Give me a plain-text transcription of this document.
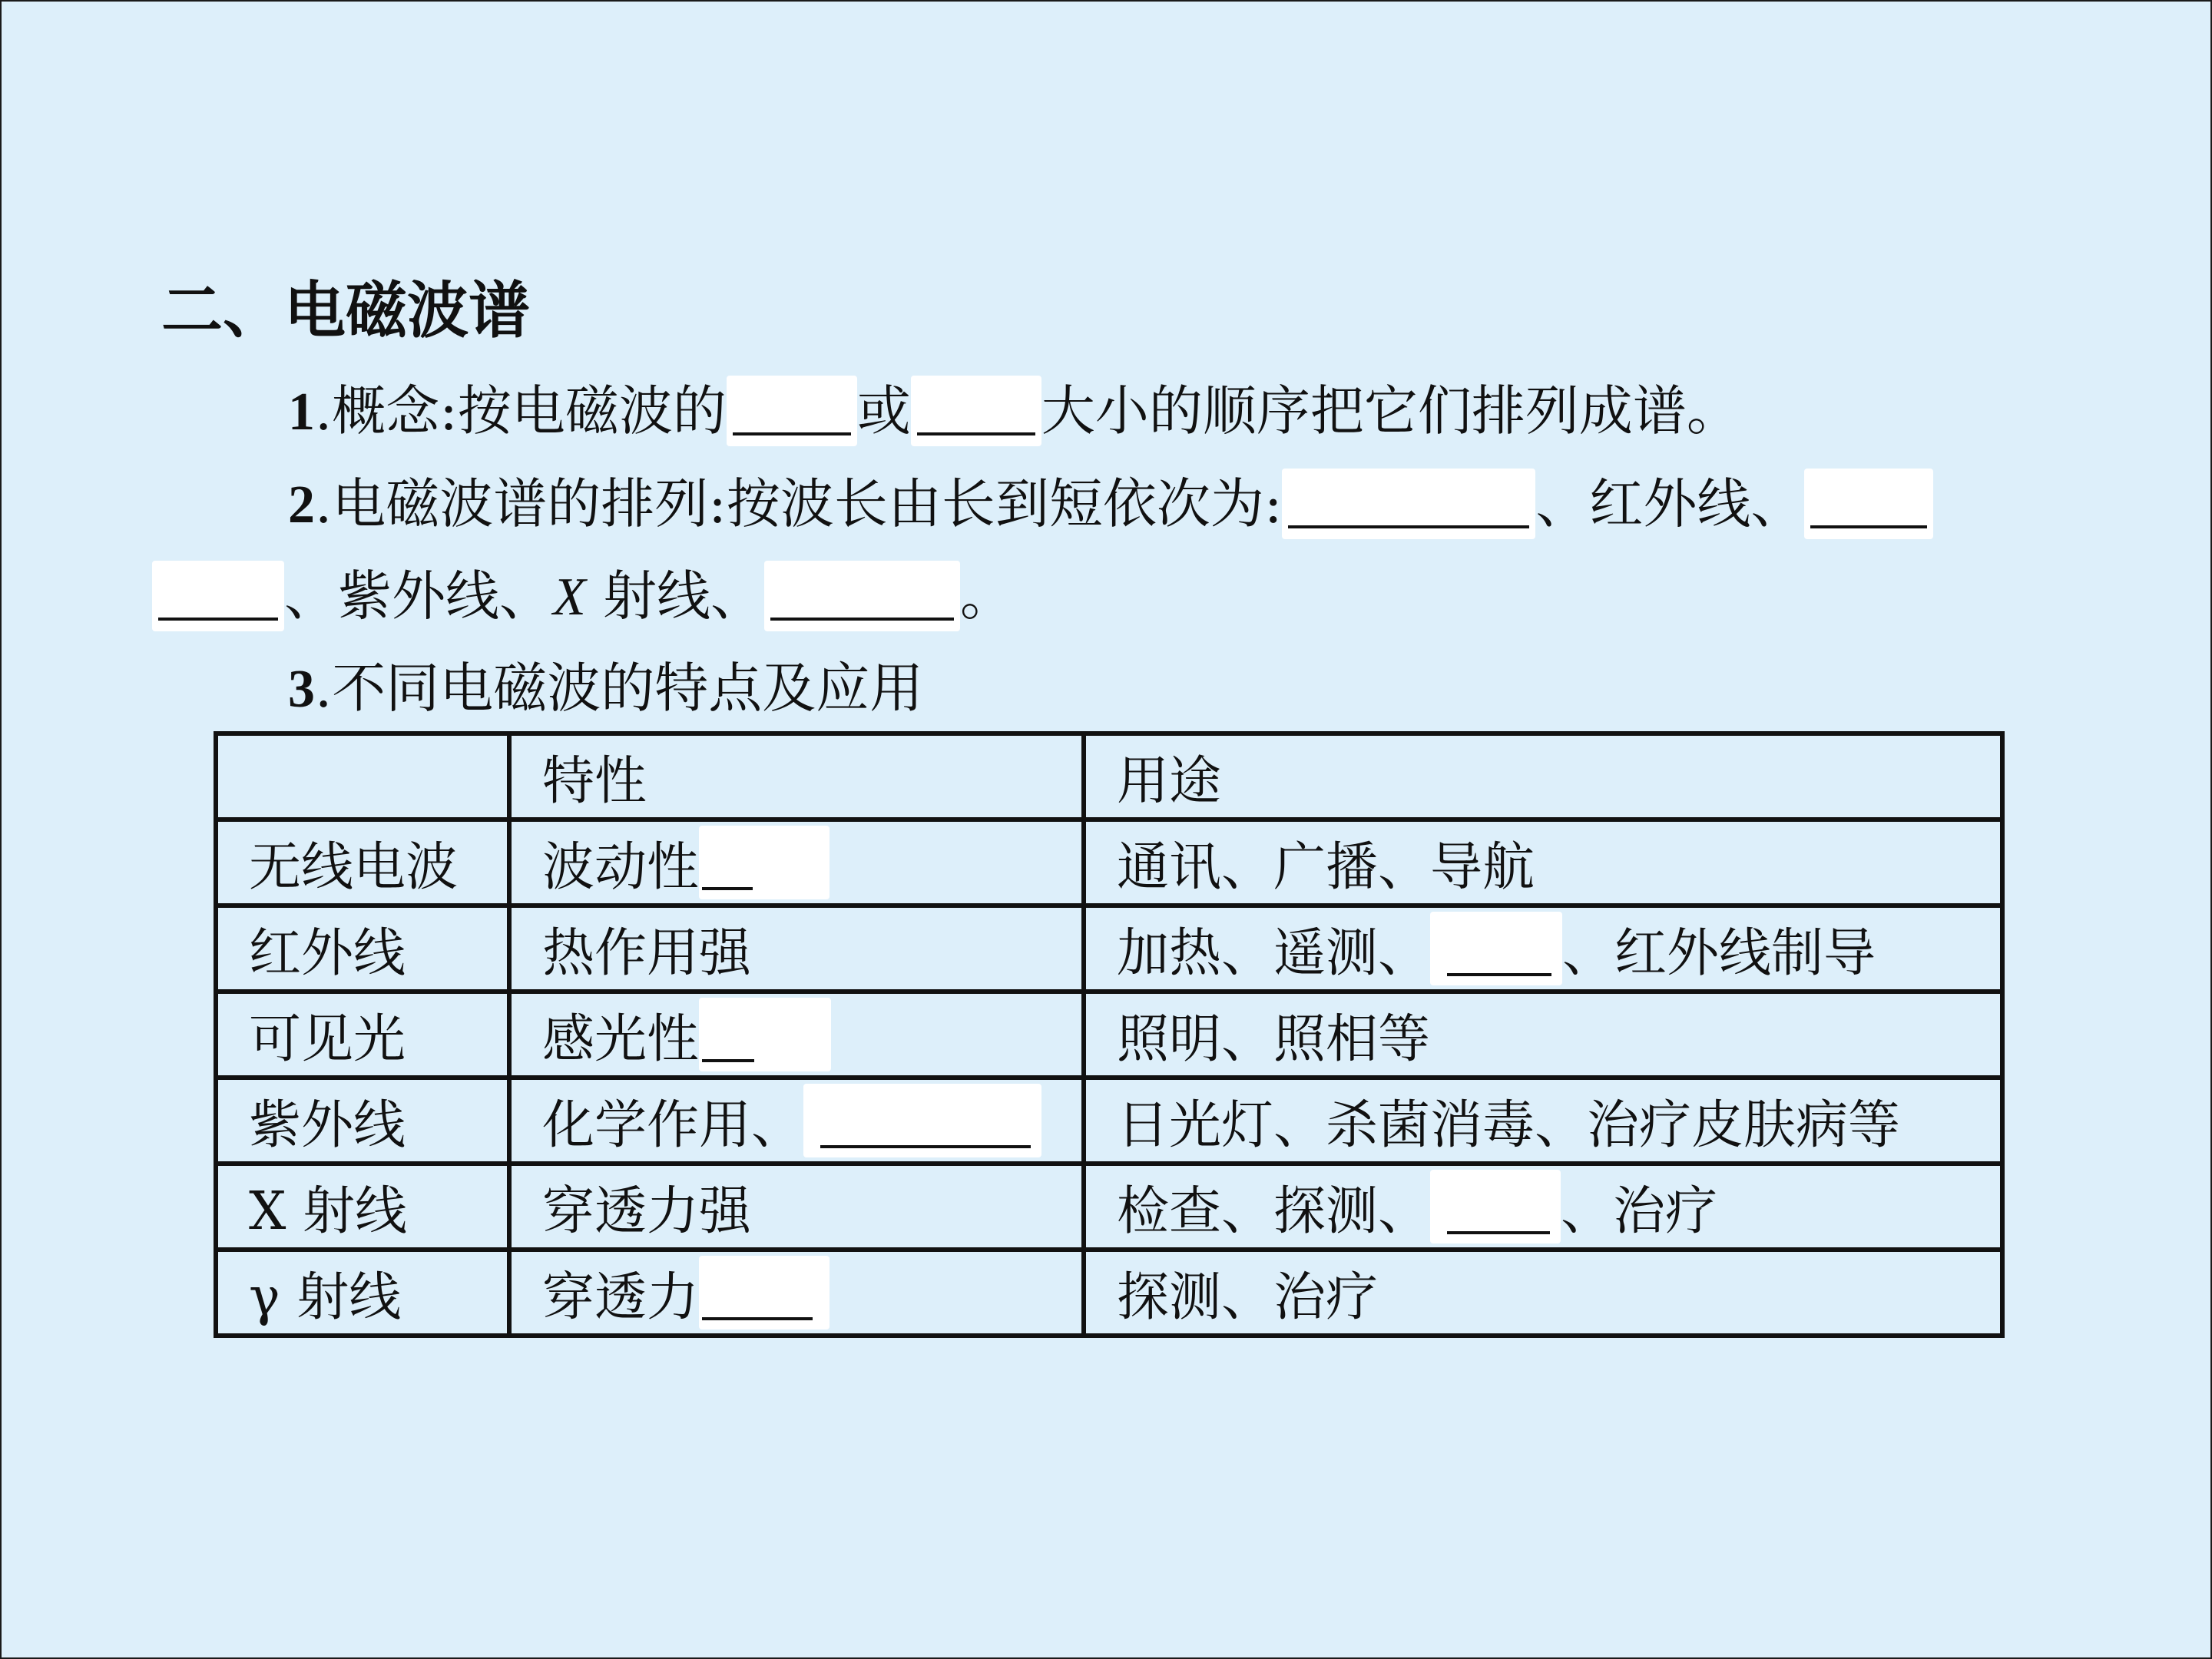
二、电磁波谱
1.概念:按电磁波的 或 大小的顺序把它们排列成谱。
2.电磁波谱的排列:按波长由长到短依次为:	、红外线、
、紫外线、X 射线、	。
3.不同电磁波的特点及应用
	特性	用途
无线电波	波动性	通讯、广播、导航
红外线	热作用强	加热、遥测、 、红外线制导

可见光	感光性	照明、照相等
紫外线	化学作用、	日光灯、杀菌消毒、治疗皮肤病等
X 射线	穿透力强	检查、探测、 、治疗

γ 射线	穿透力	探测、治疗
